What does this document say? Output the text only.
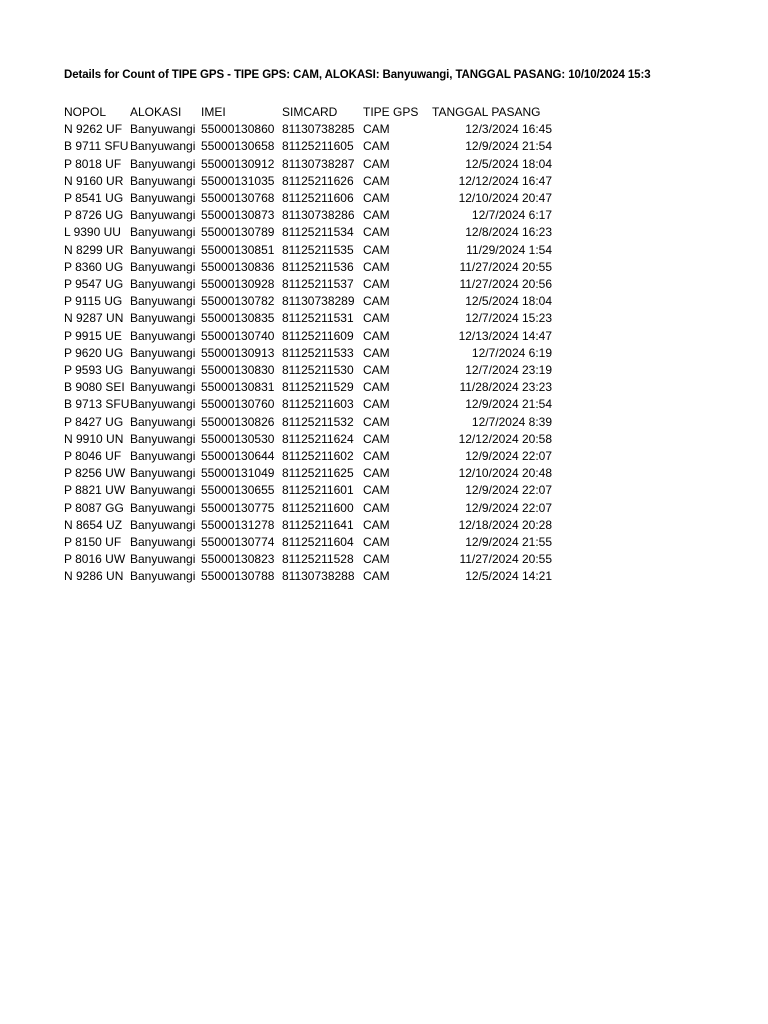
Details for Count of TIPE GPS - TIPE GPS: CAM, ALOKASI: Banyuwangi, TANGGAL PASANG: 10/10/2024 15:3
NOPOL	ALOKASI	IMEI	SIMCARD	TIPE GPS	TANGGAL PASANG
N 9262 UF	Banyuwangi	55000130860	81130738285	CAM	12/3/2024 16:45
B 9711 SFU	Banyuwangi	55000130658	81125211605	CAM	12/9/2024 21:54
P 8018 UF	Banyuwangi	55000130912	81130738287	CAM	12/5/2024 18:04
N 9160 UR	Banyuwangi	55000131035	81125211626	CAM	12/12/2024 16:47
P 8541 UG	Banyuwangi	55000130768	81125211606	CAM	12/10/2024 20:47
P 8726 UG	Banyuwangi	55000130873	81130738286	CAM	12/7/2024 6:17
L 9390 UU	Banyuwangi	55000130789	81125211534	CAM	12/8/2024 16:23
N 8299 UR	Banyuwangi	55000130851	81125211535	CAM	11/29/2024 1:54
P 8360 UG	Banyuwangi	55000130836	81125211536	CAM	11/27/2024 20:55
P 9547 UG	Banyuwangi	55000130928	81125211537	CAM	11/27/2024 20:56
P 9115 UG	Banyuwangi	55000130782	81130738289	CAM	12/5/2024 18:04
N 9287 UN	Banyuwangi	55000130835	81125211531	CAM	12/7/2024 15:23
P 9915 UE	Banyuwangi	55000130740	81125211609	CAM	12/13/2024 14:47
P 9620 UG	Banyuwangi	55000130913	81125211533	CAM	12/7/2024 6:19
P 9593 UG	Banyuwangi	55000130830	81125211530	CAM	12/7/2024 23:19
B 9080 SEI	Banyuwangi	55000130831	81125211529	CAM	11/28/2024 23:23
B 9713 SFU	Banyuwangi	55000130760	81125211603	CAM	12/9/2024 21:54
P 8427 UG	Banyuwangi	55000130826	81125211532	CAM	12/7/2024 8:39
N 9910 UN	Banyuwangi	55000130530	81125211624	CAM	12/12/2024 20:58
P 8046 UF	Banyuwangi	55000130644	81125211602	CAM	12/9/2024 22:07
P 8256 UW	Banyuwangi	55000131049	81125211625	CAM	12/10/2024 20:48
P 8821 UW	Banyuwangi	55000130655	81125211601	CAM	12/9/2024 22:07
P 8087 GG	Banyuwangi	55000130775	81125211600	CAM	12/9/2024 22:07
N 8654 UZ	Banyuwangi	55000131278	81125211641	CAM	12/18/2024 20:28
P 8150 UF	Banyuwangi	55000130774	81125211604	CAM	12/9/2024 21:55
P 8016 UW	Banyuwangi	55000130823	81125211528	CAM	11/27/2024 20:55
N 9286 UN	Banyuwangi	55000130788	81130738288	CAM	12/5/2024 14:21
